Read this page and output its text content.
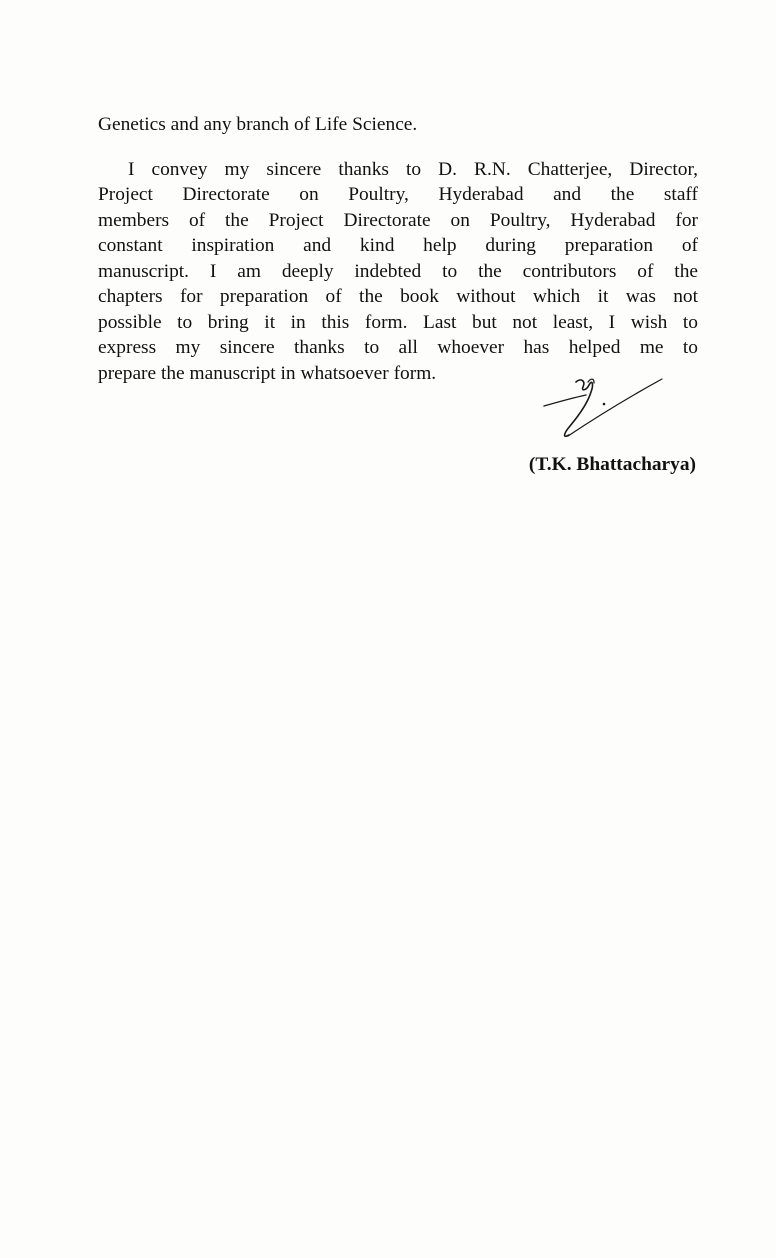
Genetics and any branch of Life Science.
I convey my sincere thanks to D. R.N. Chatterjee, Director,
Project Directorate on Poultry, Hyderabad and the staff
members of the Project Directorate on Poultry, Hyderabad for
constant inspiration and kind help during preparation of
manuscript. I am deeply indebted to the contributors of the
chapters for preparation of the book without which it was not
possible to bring it in this form. Last but not least, I wish to
express my sincere thanks to all whoever has helped me to
prepare the manuscript in whatsoever form.
(T.K. Bhattacharya)
